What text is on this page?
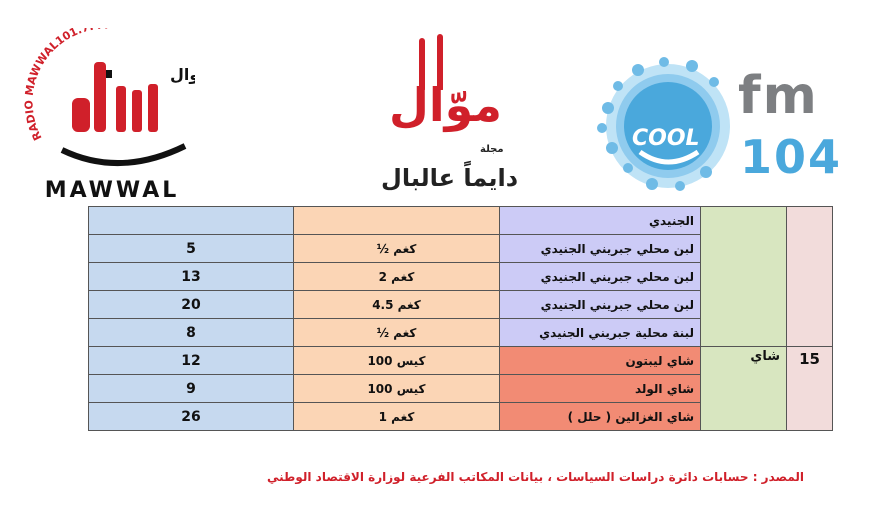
RADIO MAWWAL101.
وال
MAWWAL
موّال
مجلة
دايماً عالبال
COOL
fm
104
		الجنيدي		
5	½ كغم	لبن محلي جبريني الجنيدي		
13	2 كغم	لبن محلي جبريني الجنيدي		
20	4.5 كغم	لبن محلي جبريني الجنيدي		
8	½ كغم	لبنة محلية جبريني الجنيدي		
12	100 كيس	شاي ليبتون	شاي	15

9	100 كيس	شاي الولد		
26	1 كغم	شاي الغزالين ( حلل )		
المصدر : حسابات دائرة دراسات السياسات ، بيانات المكاتب الفرعية لوزارة الاقتصاد الوطني
